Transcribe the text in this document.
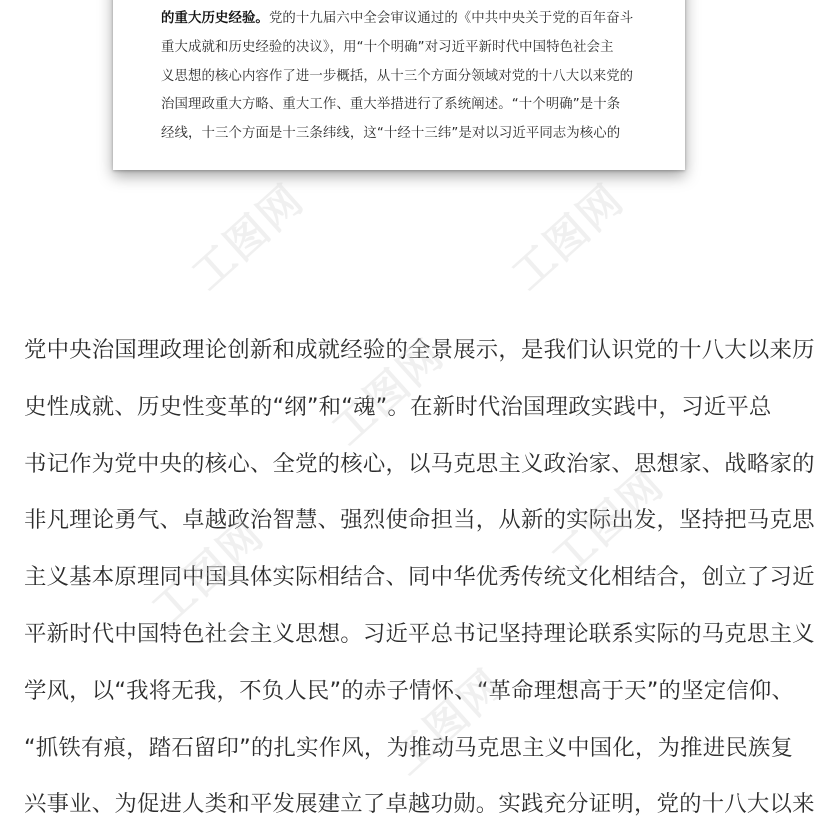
的重大历史经验。党的十九届六中全会审议通过的《中共中央关于党的百年奋斗
重大成就和历史经验的决议》，用“十个明确”对习近平新时代中国特色社会主
义思想的核心内容作了进一步概括，从十三个方面分领域对党的十八大以来党的
治国理政重大方略、重大工作、重大举措进行了系统阐述。“十个明确”是十条
经线，十三个方面是十三条纬线，这“十经十三纬”是对以习近平同志为核心的
党中央治国理政理论创新和成就经验的全景展示，是我们认识党的十八大以来历
史性成就、历史性变革的“纲”和“魂”。在新时代治国理政实践中，习近平总
书记作为党中央的核心、全党的核心，以马克思主义政治家、思想家、战略家的
非凡理论勇气、卓越政治智慧、强烈使命担当，从新的实际出发，坚持把马克思
主义基本原理同中国具体实际相结合、同中华优秀传统文化相结合，创立了习近
平新时代中国特色社会主义思想。习近平总书记坚持理论联系实际的马克思主义
学风，以“我将无我，不负人民”的赤子情怀、“革命理想高于天”的坚定信仰、
“抓铁有痕，踏石留印”的扎实作风，为推动马克思主义中国化，为推进民族复
兴事业、为促进人类和平发展建立了卓越功勋。实践充分证明，党的十八大以来
工图网	工图网
工图网
工图网	工图网
工图网
